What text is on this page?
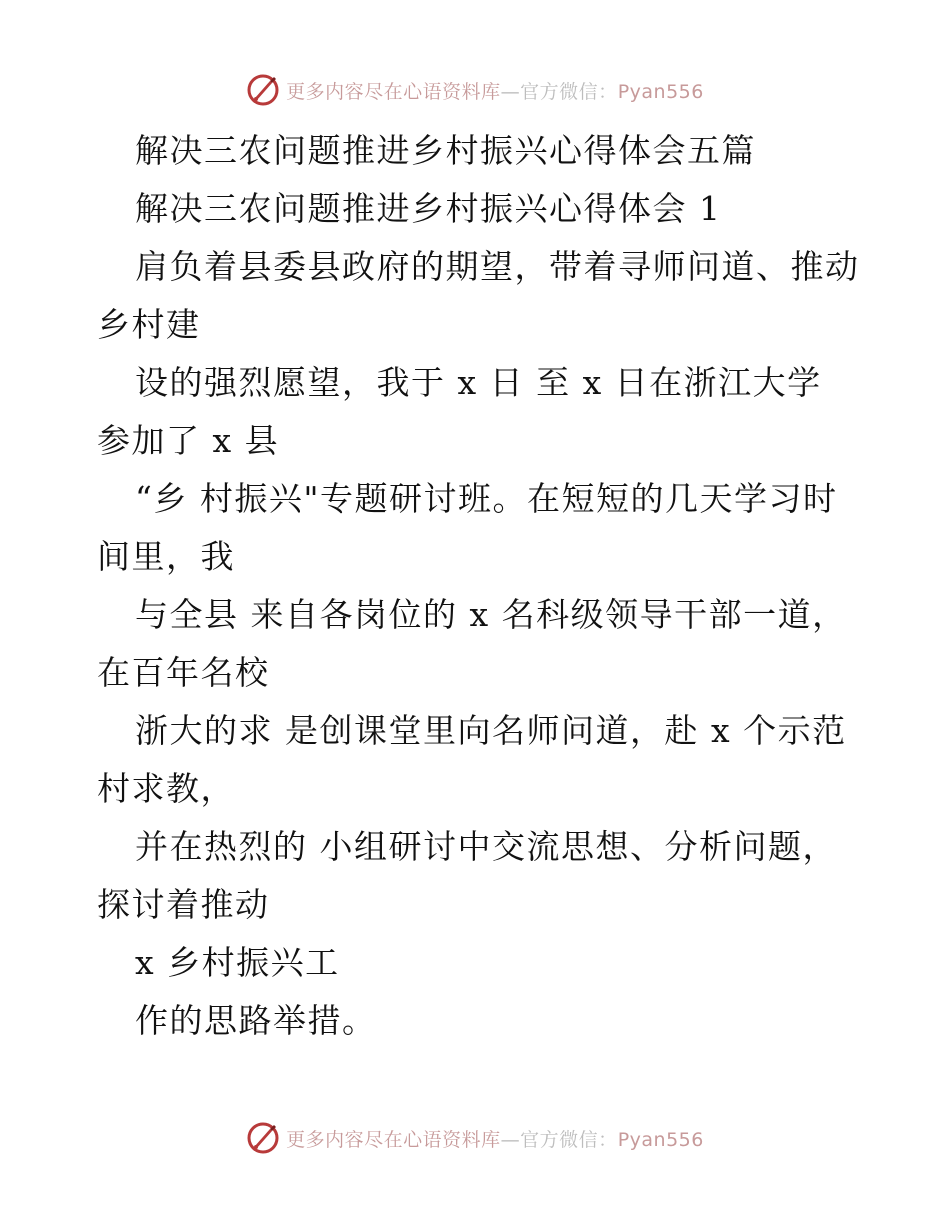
更多内容尽在心语资料库—官方微信：Pyan556
解决三农问题推进乡村振兴心得体会五篇
解决三农问题推进乡村振兴心得体会 1
肩负着县委县政府的期望，带着寻师问道、推动
乡村建
设的强烈愿望，我于 x 日 至 x 日在浙江大学
参加了 x 县
“乡 村振兴"专题研讨班。在短短的几天学习时
间里，我
与全县 来自各岗位的 x 名科级领导干部一道，
在百年名校
浙大的求 是创课堂里向名师问道，赴 x 个示范
村求教，
并在热烈的 小组研讨中交流思想、分析问题，
探讨着推动
x 乡村振兴工
作的思路举措。
更多内容尽在心语资料库—官方微信：Pyan556
